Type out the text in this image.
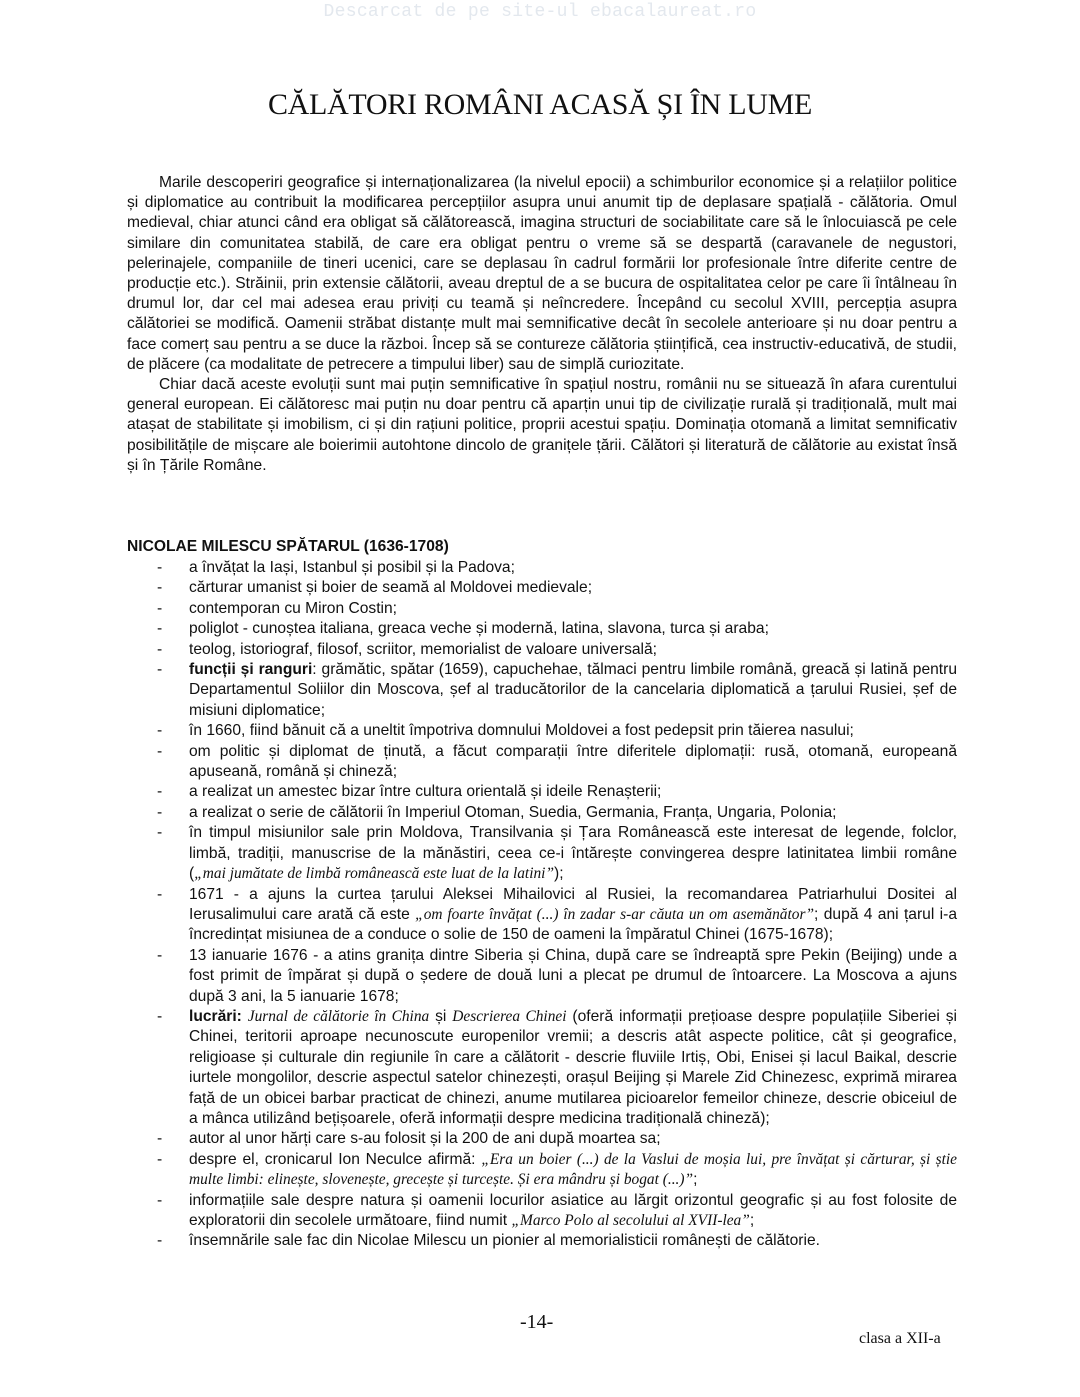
Descarcat de pe site-ul ebacalaureat.ro
CĂLĂTORI ROMÂNI ACASĂ ȘI ÎN LUME

Marile descoperiri geografice și internaționalizarea (la nivelul epocii) a schimburilor economice și a relațiilor politice și diplomatice au contribuit la modificarea percepțiilor asupra unui anumit tip de deplasare spațială - călătoria. Omul medieval, chiar atunci când era obligat să călătorească, imagina structuri de sociabilitate care să le înlocuiască pe cele similare din comunitatea stabilă, de care era obligat pentru o vreme să se despartă (caravanele de negustori, pelerinajele, companiile de tineri ucenici, care se deplasau în cadrul formării lor profesionale între diferite centre de producție etc.). Străinii, prin extensie călătorii, aveau dreptul de a se bucura de ospitalitatea celor pe care îi întâlneau în drumul lor, dar cel mai adesea erau priviți cu teamă și neîncredere. Începând cu secolul XVIII, percepția asupra călătoriei se modifică. Oamenii străbat distanțe mult mai semnificative decât în secolele anterioare și nu doar pentru a face comerț sau pentru a se duce la război. Încep să se contureze călătoria științifică, cea instructiv-educativă, de studii, de plăcere (ca modalitate de petrecere a timpului liber) sau de simplă curiozitate.

Chiar dacă aceste evoluții sunt mai puțin semnificative în spațiul nostru, românii nu se situează în afara curentului general european. Ei călătoresc mai puțin nu doar pentru că aparțin unui tip de civilizație rurală și tradițională, mult mai atașat de stabilitate și imobilism, ci și din rațiuni politice, proprii acestui spațiu. Dominația otomană a limitat semnificativ posibilitățile de mișcare ale boierimii autohtone dincolo de granițele țării. Călători și literatură de călătorie au existat însă și în Țările Române.

NICOLAE MILESCU SPĂTARUL (1636-1708)
- a învățat la Iași, Istanbul și posibil și la Padova;
- cărturar umanist și boier de seamă al Moldovei medievale;
- contemporan cu Miron Costin;
- poliglot - cunoștea italiana, greaca veche și modernă, latina, slavona, turca și araba;
- teolog, istoriograf, filosof, scriitor, memorialist de valoare universală;
- funcții și ranguri: grămătic, spătar (1659), capuchehae, tălmaci pentru limbile română, greacă și latină pentru Departamentul Soliilor din Moscova, șef al traducătorilor de la cancelaria diplomatică a țarului Rusiei, șef de misiuni diplomatice;
- în 1660, fiind bănuit că a uneltit împotriva domnului Moldovei a fost pedepsit prin tăierea nasului;
- om politic și diplomat de ținută, a făcut comparații între diferitele diplomații: rusă, otomană, europeană apuseană, română și chineză;
- a realizat un amestec bizar între cultura orientală și ideile Renașterii;
- a realizat o serie de călătorii în Imperiul Otoman, Suedia, Germania, Franța, Ungaria, Polonia;
- în timpul misiunilor sale prin Moldova, Transilvania și Țara Românească este interesat de legende, folclor, limbă, tradiții, manuscrise de la mănăstiri, ceea ce-i întărește convingerea despre latinitatea limbii române („mai jumătate de limbă românească este luat de la latini”);
- 1671 - a ajuns la curtea țarului Aleksei Mihailovici al Rusiei, la recomandarea Patriarhului Dositei al Ierusalimului care arată că este „om foarte învățat (...) în zadar s-ar căuta un om asemănător”; după 4 ani țarul i-a încredințat misiunea de a conduce o solie de 150 de oameni la împăratul Chinei (1675-1678);
- 13 ianuarie 1676 - a atins granița dintre Siberia și China, după care se îndreaptă spre Pekin (Beijing) unde a fost primit de împărat și după o ședere de două luni a plecat pe drumul de întoarcere. La Moscova a ajuns după 3 ani, la 5 ianuarie 1678;
- lucrări: Jurnal de călătorie în China și Descrierea Chinei (oferă informații prețioase despre populațiile Siberiei și Chinei, teritorii aproape necunoscute europenilor vremii; a descris atât aspecte politice, cât și geografice, religioase și culturale din regiunile în care a călătorit - descrie fluviile Irtiș, Obi, Enisei și lacul Baikal, descrie iurtele mongolilor, descrie aspectul satelor chinezești, orașul Beijing și Marele Zid Chinezesc, exprimă mirarea față de un obicei barbar practicat de chinezi, anume mutilarea picioarelor femeilor chineze, descrie obiceiul de a mânca utilizând bețișoarele, oferă informații despre medicina tradițională chineză);
- autor al unor hărți care s-au folosit și la 200 de ani după moartea sa;
- despre el, cronicarul Ion Neculce afirmă: „Era un boier (...) de la Vaslui de moșia lui, pre învățat și cărturar, și știe multe limbi: elinește, slovenește, grecește și turcește. Și era mândru și bogat (...)”;
- informațiile sale despre natura și oamenii locurilor asiatice au lărgit orizontul geografic și au fost folosite de exploratorii din secolele următoare, fiind numit „Marco Polo al secolului al XVII-lea”;
- însemnările sale fac din Nicolae Milescu un pionier al memorialisticii românești de călătorie.
-14-
clasa a XII-a
